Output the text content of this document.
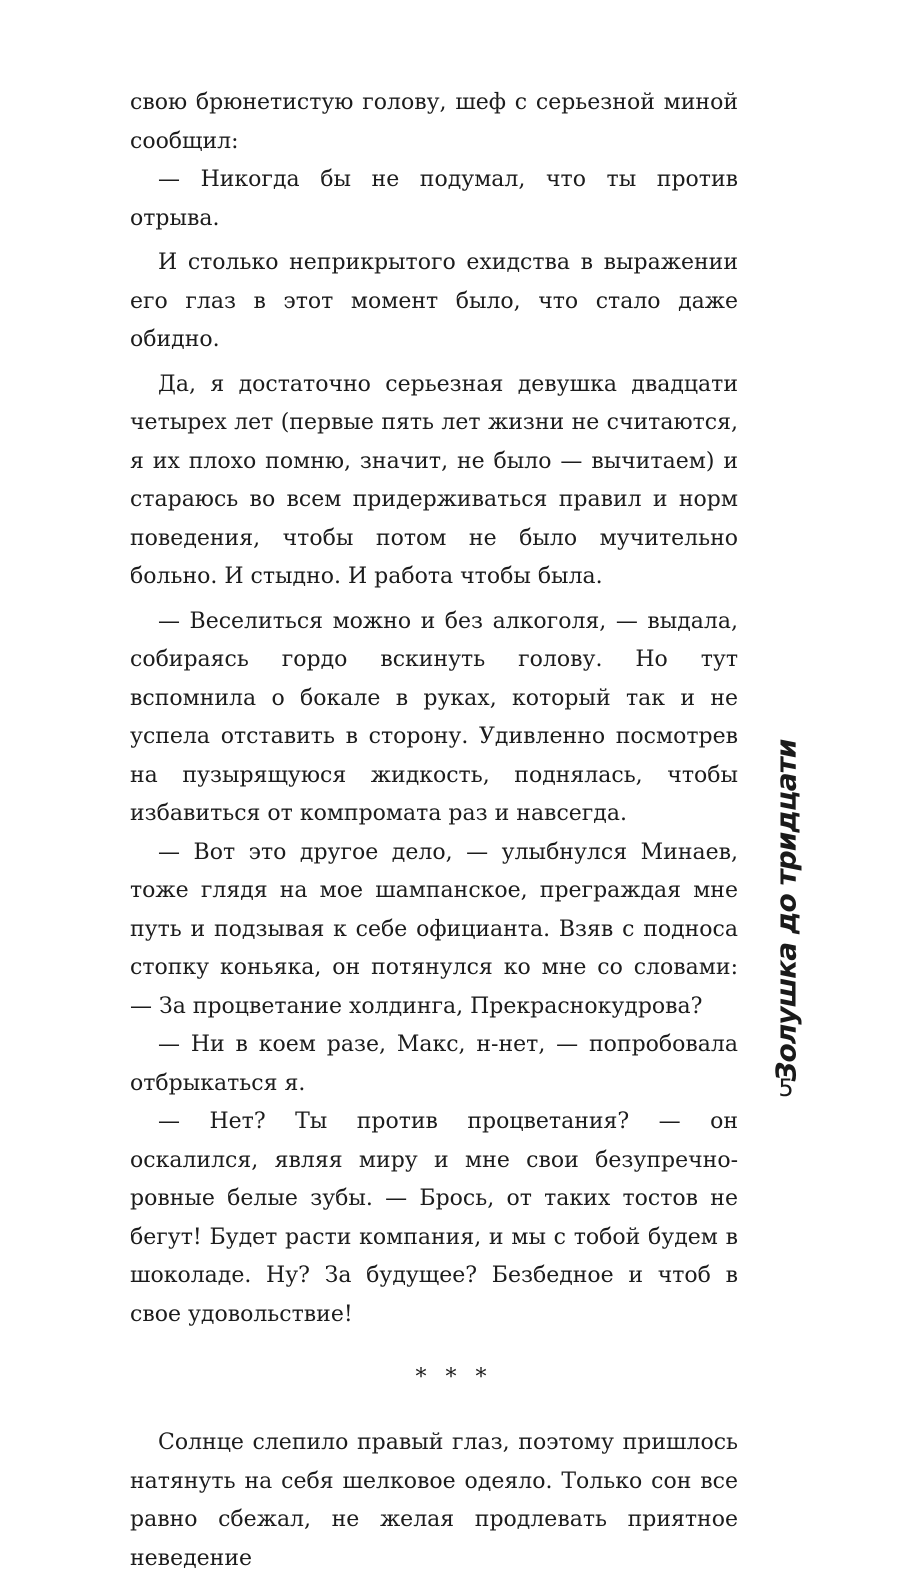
свою брюнетистую голову, шеф с серьезной миной сообщил:

— Никогда бы не подумал, что ты против отрыва.

И столько неприкрытого ехидства в выражении его глаз в этот момент было, что стало даже обидно.

Да, я достаточно серьезная девушка двадцати четырех лет (первые пять лет жизни не считаются, я их плохо помню, значит, не было — вычитаем) и стараюсь во всем придерживаться правил и норм поведения, чтобы потом не было мучительно больно. И стыдно. И работа чтобы была.

— Веселиться можно и без алкоголя, — выдала, собираясь гордо вскинуть голову. Но тут вспомнила о бокале в руках, который так и не успела отставить в сторону. Удивленно посмотрев на пузырящуюся жидкость, поднялась, чтобы избавиться от компромата раз и навсегда.

— Вот это другое дело, — улыбнулся Минаев, тоже глядя на мое шампанское, преграждая мне путь и подзывая к себе официанта. Взяв с подноса стопку коньяка, он потянулся ко мне со словами: — За процветание холдинга, Прекраснокудрова?

— Ни в коем разе, Макс, н-нет, — попробовала отбрыкаться я.

— Нет? Ты против процветания? — он оскалился, являя миру и мне свои безупречно-ровные белые зубы. — Брось, от таких тостов не бегут! Будет расти компания, и мы с тобой будем в шоколаде. Ну? За будущее? Безбедное и чтоб в свое удовольствие!

* * *

Солнце слепило правый глаз, поэтому пришлось натянуть на себя шелковое одеяло. Только сон все равно сбежал, не желая продлевать приятное неведение

Золушка до тридцати
5
